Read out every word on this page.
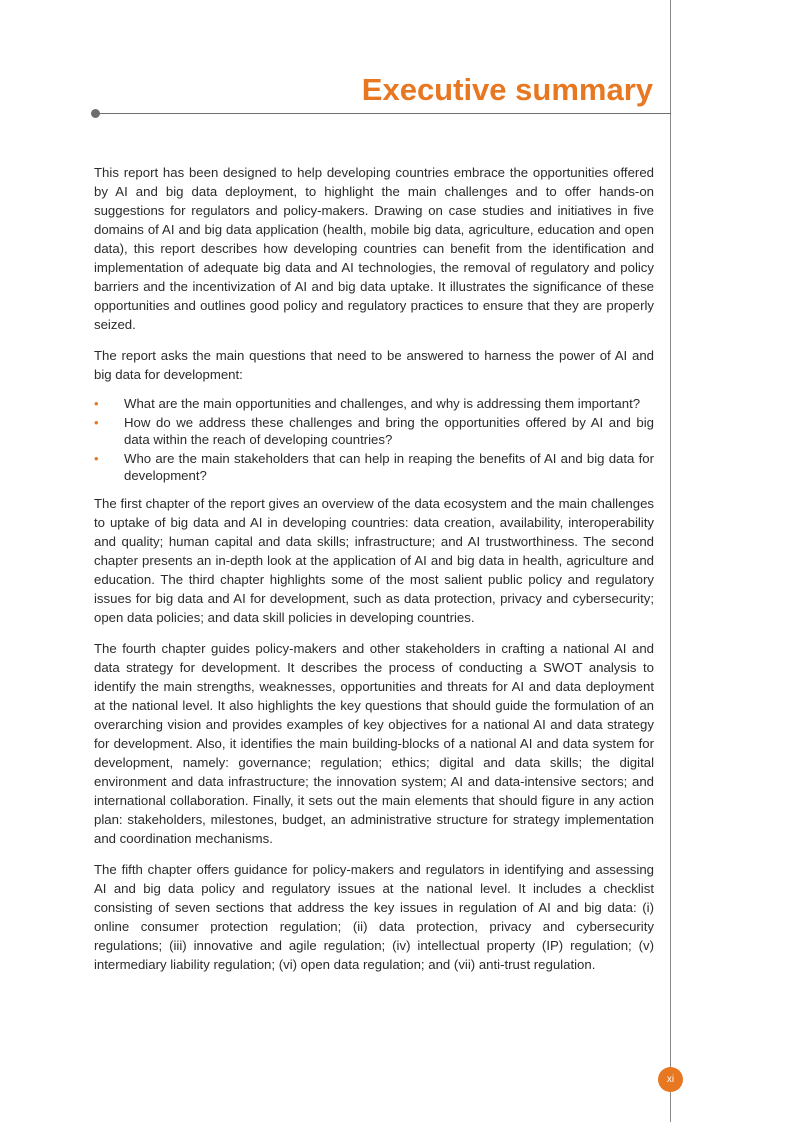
Executive summary

This report has been designed to help developing countries embrace the opportunities offered by AI and big data deployment, to highlight the main challenges and to offer hands-on suggestions for regulators and policy-makers. Drawing on case studies and initiatives in five domains of AI and big data application (health, mobile big data, agriculture, education and open data), this report describes how developing countries can benefit from the identification and implementation of adequate big data and AI technologies, the removal of regulatory and policy barriers and the incentivization of AI and big data uptake. It illustrates the significance of these opportunities and outlines good policy and regulatory practices to ensure that they are properly seized.

The report asks the main questions that need to be answered to harness the power of AI and big data for development:

• What are the main opportunities and challenges, and why is addressing them important?
• How do we address these challenges and bring the opportunities offered by AI and big data within the reach of developing countries?
• Who are the main stakeholders that can help in reaping the benefits of AI and big data for development?

The first chapter of the report gives an overview of the data ecosystem and the main challenges to uptake of big data and AI in developing countries: data creation, availability, interoperability and quality; human capital and data skills; infrastructure; and AI trustworthiness. The second chapter presents an in-depth look at the application of AI and big data in health, agriculture and education. The third chapter highlights some of the most salient public policy and regulatory issues for big data and AI for development, such as data protection, privacy and cybersecurity; open data policies; and data skill policies in developing countries.

The fourth chapter guides policy-makers and other stakeholders in crafting a national AI and data strategy for development. It describes the process of conducting a SWOT analysis to identify the main strengths, weaknesses, opportunities and threats for AI and data deployment at the national level. It also highlights the key questions that should guide the formulation of an overarching vision and provides examples of key objectives for a national AI and data strategy for development. Also, it identifies the main building-blocks of a national AI and data system for development, namely: governance; regulation; ethics; digital and data skills; the digital environment and data infrastructure; the innovation system; AI and data-intensive sectors; and international collaboration. Finally, it sets out the main elements that should figure in any action plan: stakeholders, milestones, budget, an administrative structure for strategy implementation and coordination mechanisms.

The fifth chapter offers guidance for policy-makers and regulators in identifying and assessing AI and big data policy and regulatory issues at the national level. It includes a checklist consisting of seven sections that address the key issues in regulation of AI and big data: (i) online consumer protection regulation; (ii) data protection, privacy and cybersecurity regulations; (iii) innovative and agile regulation; (iv) intellectual property (IP) regulation; (v) intermediary liability regulation; (vi) open data regulation; and (vii) anti-trust regulation.

xi
